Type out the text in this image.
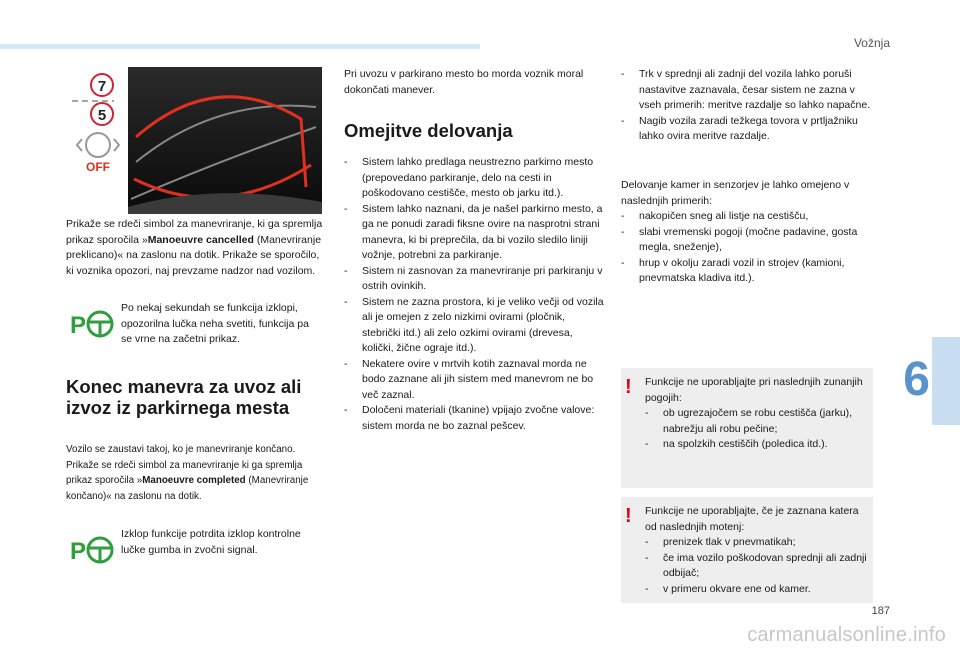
Vožnja
6
7
5
OFF
Prikaže se rdeči simbol za manevriranje, ki ga spremlja prikaz sporočila »Manoeuvre cancelled (Manevriranje preklicano)« na zaslonu na dotik. Prikaže se sporočilo, ki voznika opozori, naj prevzame nadzor nad vozilom.
P
Po nekaj sekundah se funkcija izklopi, opozorilna lučka neha svetiti, funkcija pa se vrne na začetni prikaz.
Konec manevra za uvoz ali izvoz iz parkirnega mesta
Vozilo se zaustavi takoj, ko je manevriranje končano. Prikaže se rdeči simbol za manevriranje ki ga spremlja prikaz sporočila »Manoeuvre completed (Manevriranje končano)« na zaslonu na dotik.
P
Izklop funkcije potrdita izklop kontrolne lučke gumba in zvočni signal.
Pri uvozu v parkirano mesto bo morda voznik moral dokončati manever.
Omejitve delovanja
- Sistem lahko predlaga neustrezno parkirno mesto (prepovedano parkiranje, delo na cesti in poškodovano cestišče, mesto ob jarku itd.).
- Sistem lahko naznani, da je našel parkirno mesto, a ga ne ponudi zaradi fiksne ovire na nasprotni strani manevra, ki bi preprečila, da bi vozilo sledilo liniji vožnje, potrebni za parkiranje.
- Sistem ni zasnovan za manevriranje pri parkiranju v ostrih ovinkih.
- Sistem ne zazna prostora, ki je veliko večji od vozila ali je omejen z zelo nizkimi ovirami (pločnik, stebrički itd.) ali zelo ozkimi ovirami (drevesa, količki, žične ograje itd.).
- Nekatere ovire v mrtvih kotih zaznaval morda ne bodo zaznane ali jih sistem med manevrom ne bo več zaznal.
- Določeni materiali (tkanine) vpijajo zvočne valove: sistem morda ne bo zaznal pešcev.
- Trk v sprednji ali zadnji del vozila lahko poruši nastavitve zaznavala, česar sistem ne zazna v vseh primerih: meritve razdalje so lahko napačne.
- Nagib vozila zaradi težkega tovora v prtljažniku lahko ovira meritve razdalje.

Delovanje kamer in senzorjev je lahko omejeno v naslednjih primerih:

- nakopičen sneg ali listje na cestišču,
- slabi vremenski pogoji (močne padavine, gosta megla, sneženje),
- hrup v okolju zaradi vozil in strojev (kamioni, pnevmatska kladiva itd.).
! Funkcije ne uporabljajte pri naslednjih zunanjih pogojih:

- ob ugrezajočem se robu cestišča (jarku), nabrežju ali robu pečine;
- na spolzkih cestiščih (poledica itd.).
! Funkcije ne uporabljajte, če je zaznana katera od naslednjih motenj:

- prenizek tlak v pnevmatikah;
- če ima vozilo poškodovan sprednji ali zadnji odbijač;
- v primeru okvare ene od kamer.
187
carmanualsonline.info
